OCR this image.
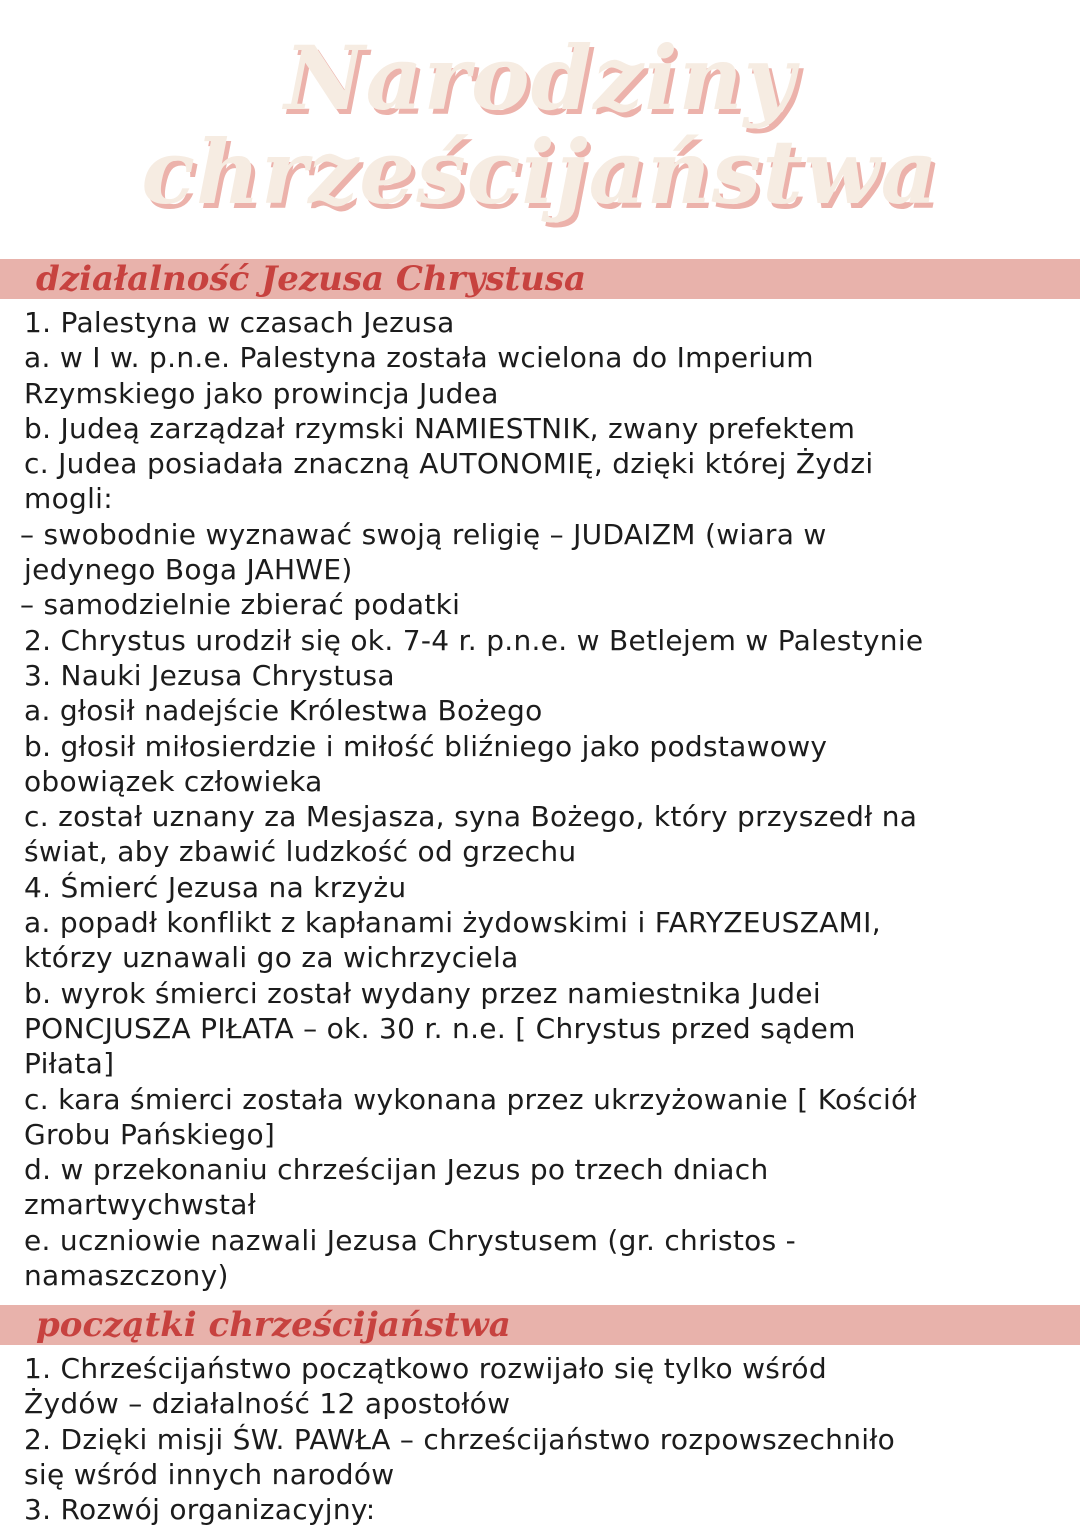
Narodziny
chrześcijaństwa
działalność Jezusa Chrystusa
1. Palestyna w czasach Jezusa
a. w I w. p.n.e. Palestyna została wcielona do Imperium
Rzymskiego jako prowincja Judea
b. Judeą zarządzał rzymski NAMIESTNIK, zwany prefektem
c. Judea posiadała znaczną AUTONOMIĘ, dzięki której Żydzi
mogli:
– swobodnie wyznawać swoją religię – JUDAIZM (wiara w
jedynego Boga JAHWE)
– samodzielnie zbierać podatki
2. Chrystus urodził się ok. 7-4 r. p.n.e. w Betlejem w Palestynie
3. Nauki Jezusa Chrystusa
a. głosił nadejście Królestwa Bożego
b. głosił miłosierdzie i miłość bliźniego jako podstawowy
obowiązek człowieka
c. został uznany za Mesjasza, syna Bożego, który przyszedł na
świat, aby zbawić ludzkość od grzechu
4. Śmierć Jezusa na krzyżu
a. popadł konflikt z kapłanami żydowskimi i FARYZEUSZAMI,
którzy uznawali go za wichrzyciela
b. wyrok śmierci został wydany przez namiestnika Judei
PONCJUSZA PIŁATA – ok. 30 r. n.e. [ Chrystus przed sądem
Piłata]
c. kara śmierci została wykonana przez ukrzyżowanie [ Kościół
Grobu Pańskiego]
d. w przekonaniu chrześcijan Jezus po trzech dniach
zmartwychwstał
e. uczniowie nazwali Jezusa Chrystusem (gr. christos -
namaszczony)
początki chrześcijaństwa
1. Chrześcijaństwo początkowo rozwijało się tylko wśród
Żydów – działalność 12 apostołów
2. Dzięki misji ŚW. PAWŁA – chrześcijaństwo rozpowszechniło
się wśród innych narodów
3. Rozwój organizacyjny:
